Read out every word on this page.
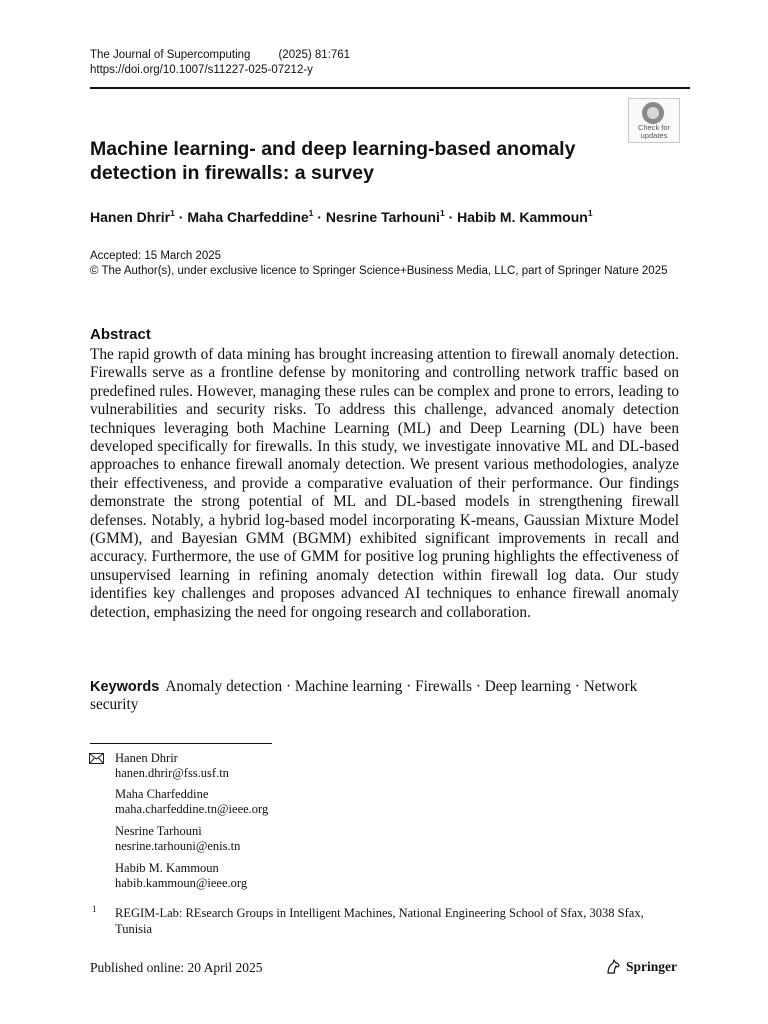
The Journal of Supercomputing (2025) 81:761
https://doi.org/10.1007/s11227-025-07212-y
Check for
updates
Machine learning- and deep learning-based anomaly detection in firewalls: a survey
Hanen Dhrir$^1$ · Maha Charfeddine$^1$ · Nesrine Tarhouni$^1$ · Habib M. Kammoun$^1$
Accepted: 15 March 2025
© The Author(s), under exclusive licence to Springer Science+Business Media, LLC, part of Springer Nature 2025
Abstract
The rapid growth of data mining has brought increasing attention to firewall anomaly detection. Firewalls serve as a frontline defense by monitoring and controlling network traffic based on predefined rules. However, managing these rules can be complex and prone to errors, leading to vulnerabilities and security risks. To address this challenge, advanced anomaly detection techniques leveraging both Machine Learning (ML) and Deep Learning (DL) have been developed specifically for firewalls. In this study, we investigate innovative ML and DL-based approaches to enhance firewall anomaly detection. We present various methodologies, analyze their effectiveness, and provide a comparative evaluation of their performance. Our findings demonstrate the strong potential of ML and DL-based models in strengthening firewall defenses. Notably, a hybrid log-based model incorporating K-means, Gaussian Mixture Model (GMM), and Bayesian GMM (BGMM) exhibited significant improvements in recall and accuracy. Furthermore, the use of GMM for positive log pruning highlights the effectiveness of unsupervised learning in refining anomaly detection within firewall log data. Our study identifies key challenges and proposes advanced AI techniques to enhance firewall anomaly detection, emphasizing the need for ongoing research and collaboration.
Keywords Anomaly detection · Machine learning · Firewalls · Deep learning · Network security
Hanen Dhrir
hanen.dhrir@fss.usf.tn
Maha Charfeddine
maha.charfeddine.tn@ieee.org
Nesrine Tarhouni
nesrine.tarhouni@enis.tn
Habib M. Kammoun
habib.kammoun@ieee.org
1 REGIM-Lab: REsearch Groups in Intelligent Machines, National Engineering School of Sfax, 3038 Sfax, Tunisia
Published online: 20 April 2025	Springer
